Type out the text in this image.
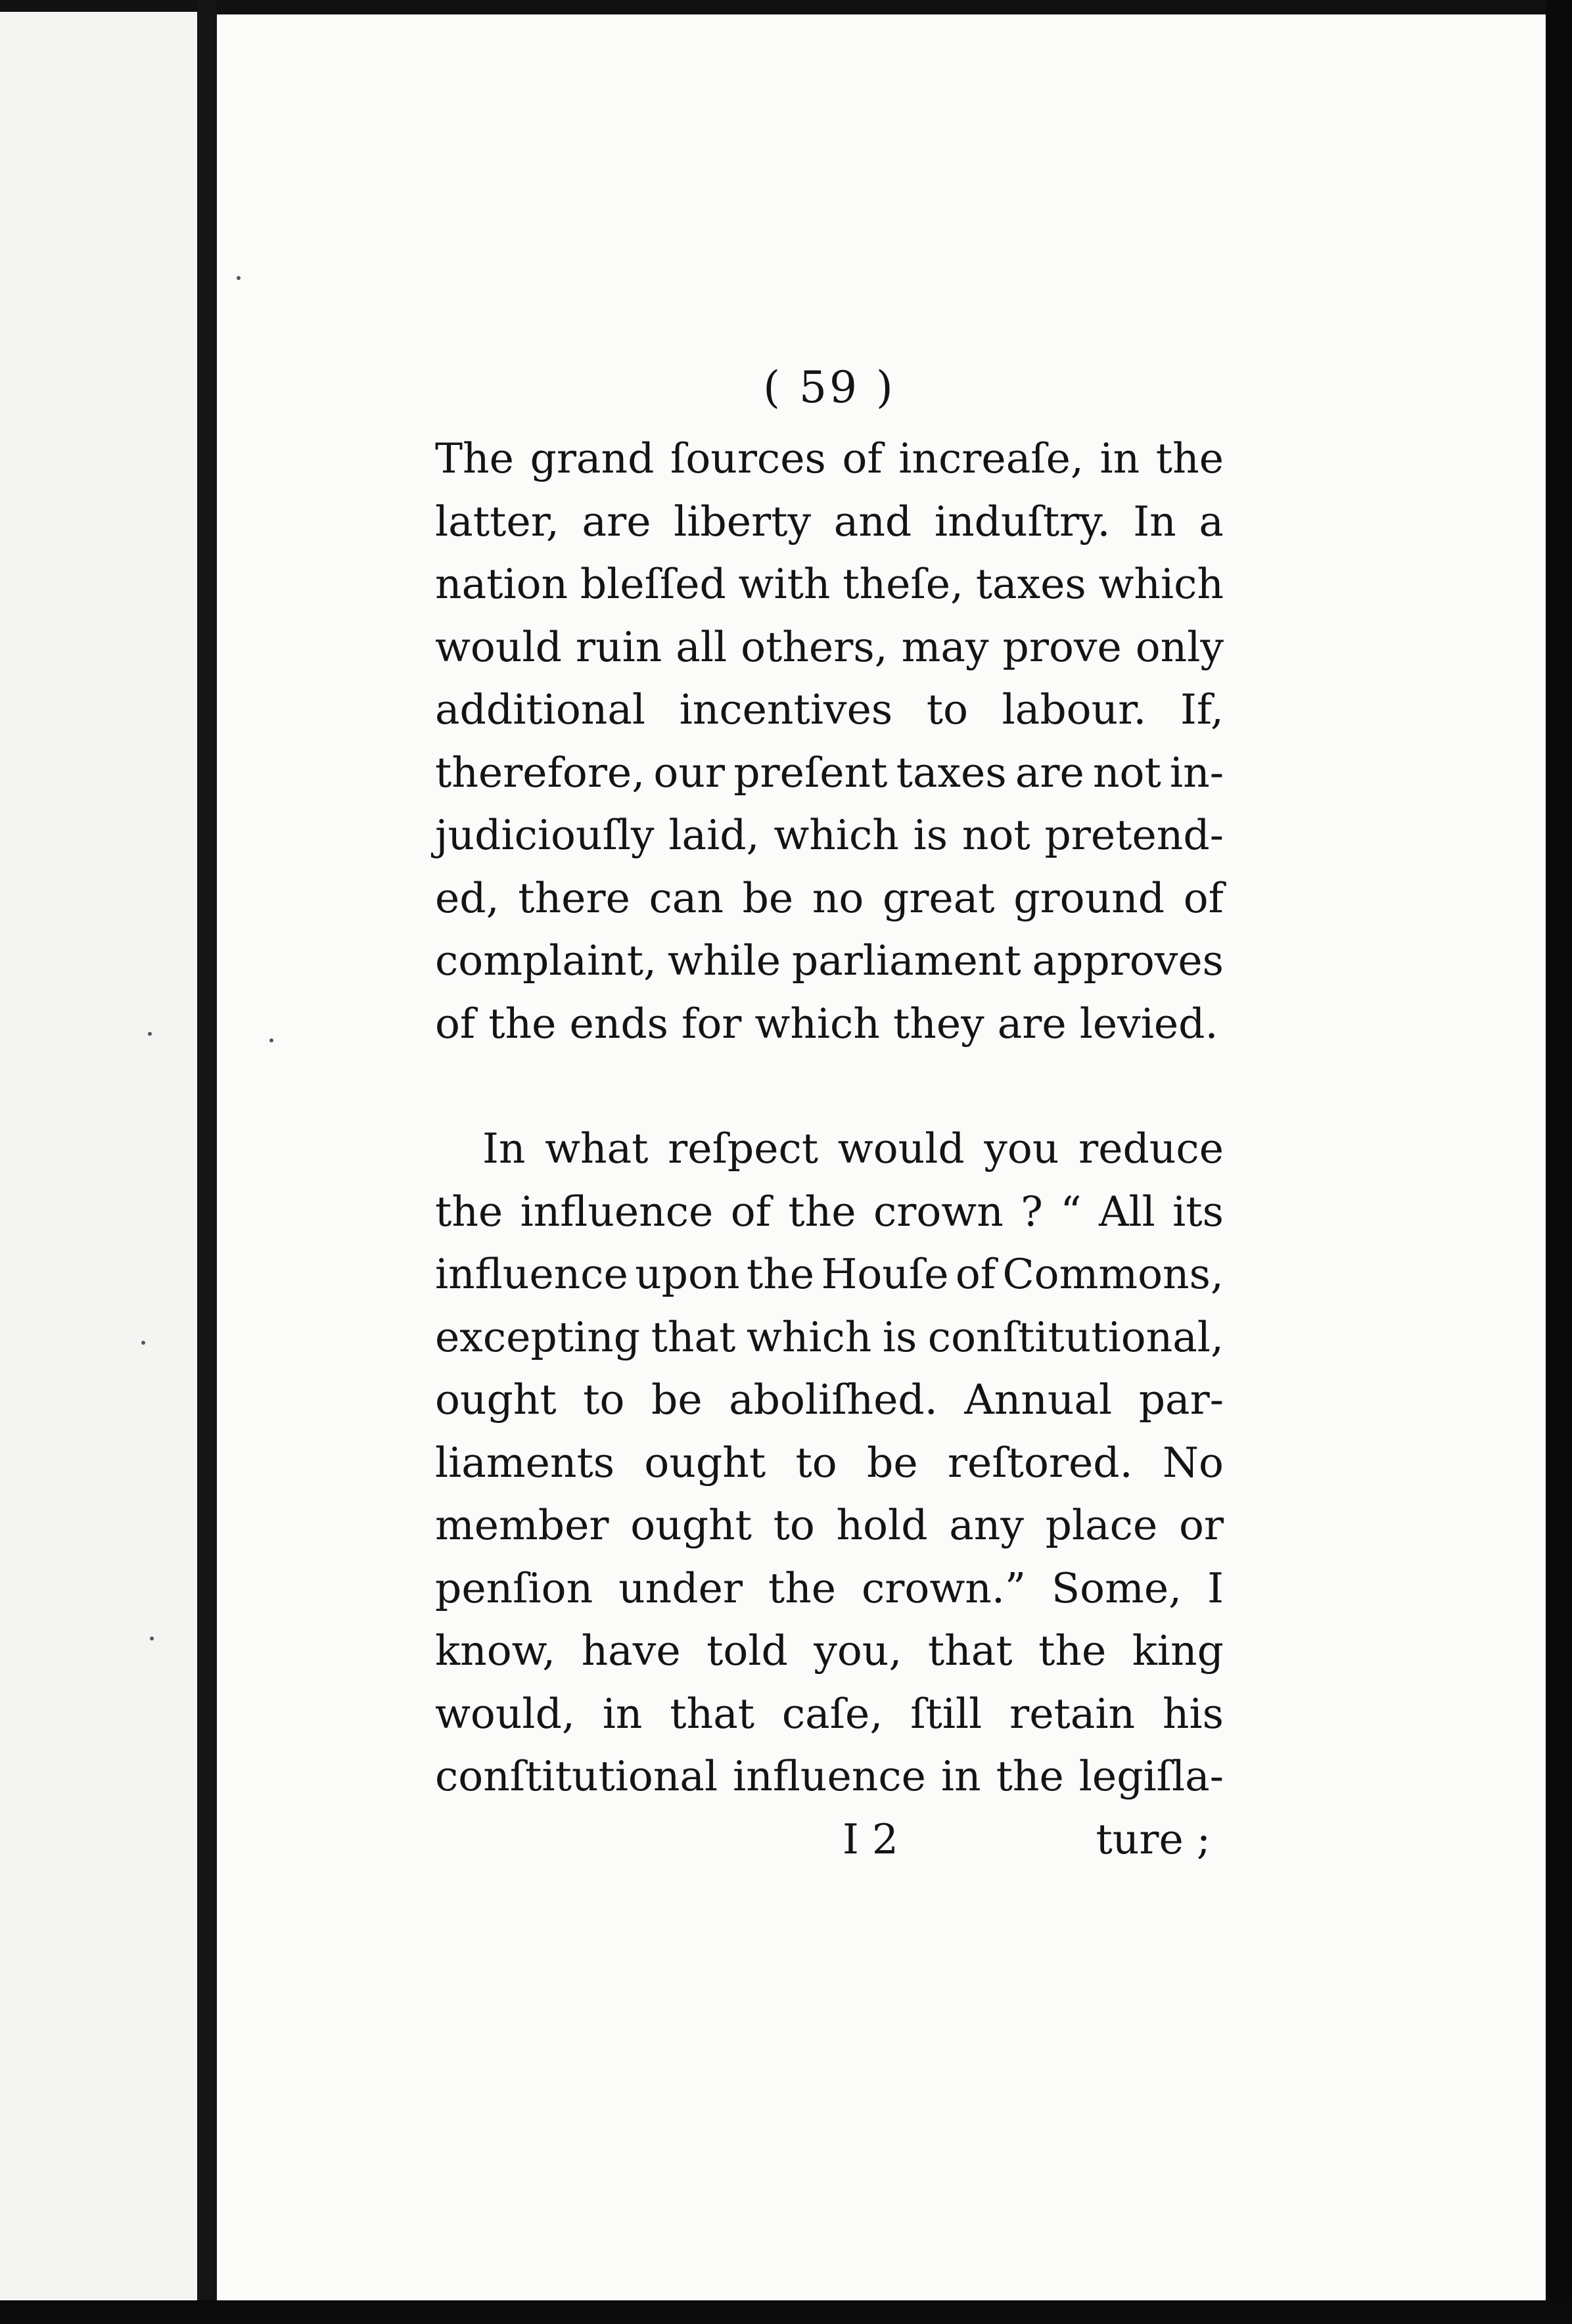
( 59 )
The grand ſources of increaſe, in the
latter, are liberty and induſtry. In a
nation bleſſed with theſe, taxes which
would ruin all others, may prove only
additional incentives to labour. If,
therefore, our preſent taxes are not in-
judiciouſly laid, which is not pretend-
ed, there can be no great ground of
complaint, while parliament approves
of the ends for which they are levied.
In what reſpect would you reduce
the influence of the crown ? “ All its
influence upon the Houſe of Commons,
excepting that which is conſtitutional,
ought to be aboliſhed. Annual par-
liaments ought to be reſtored. No
member ought to hold any place or
penſion under the crown.” Some, I
know, have told you, that the king
would, in that caſe, ſtill retain his
conſtitutional influence in the legiſla-
I 2	ture ;
